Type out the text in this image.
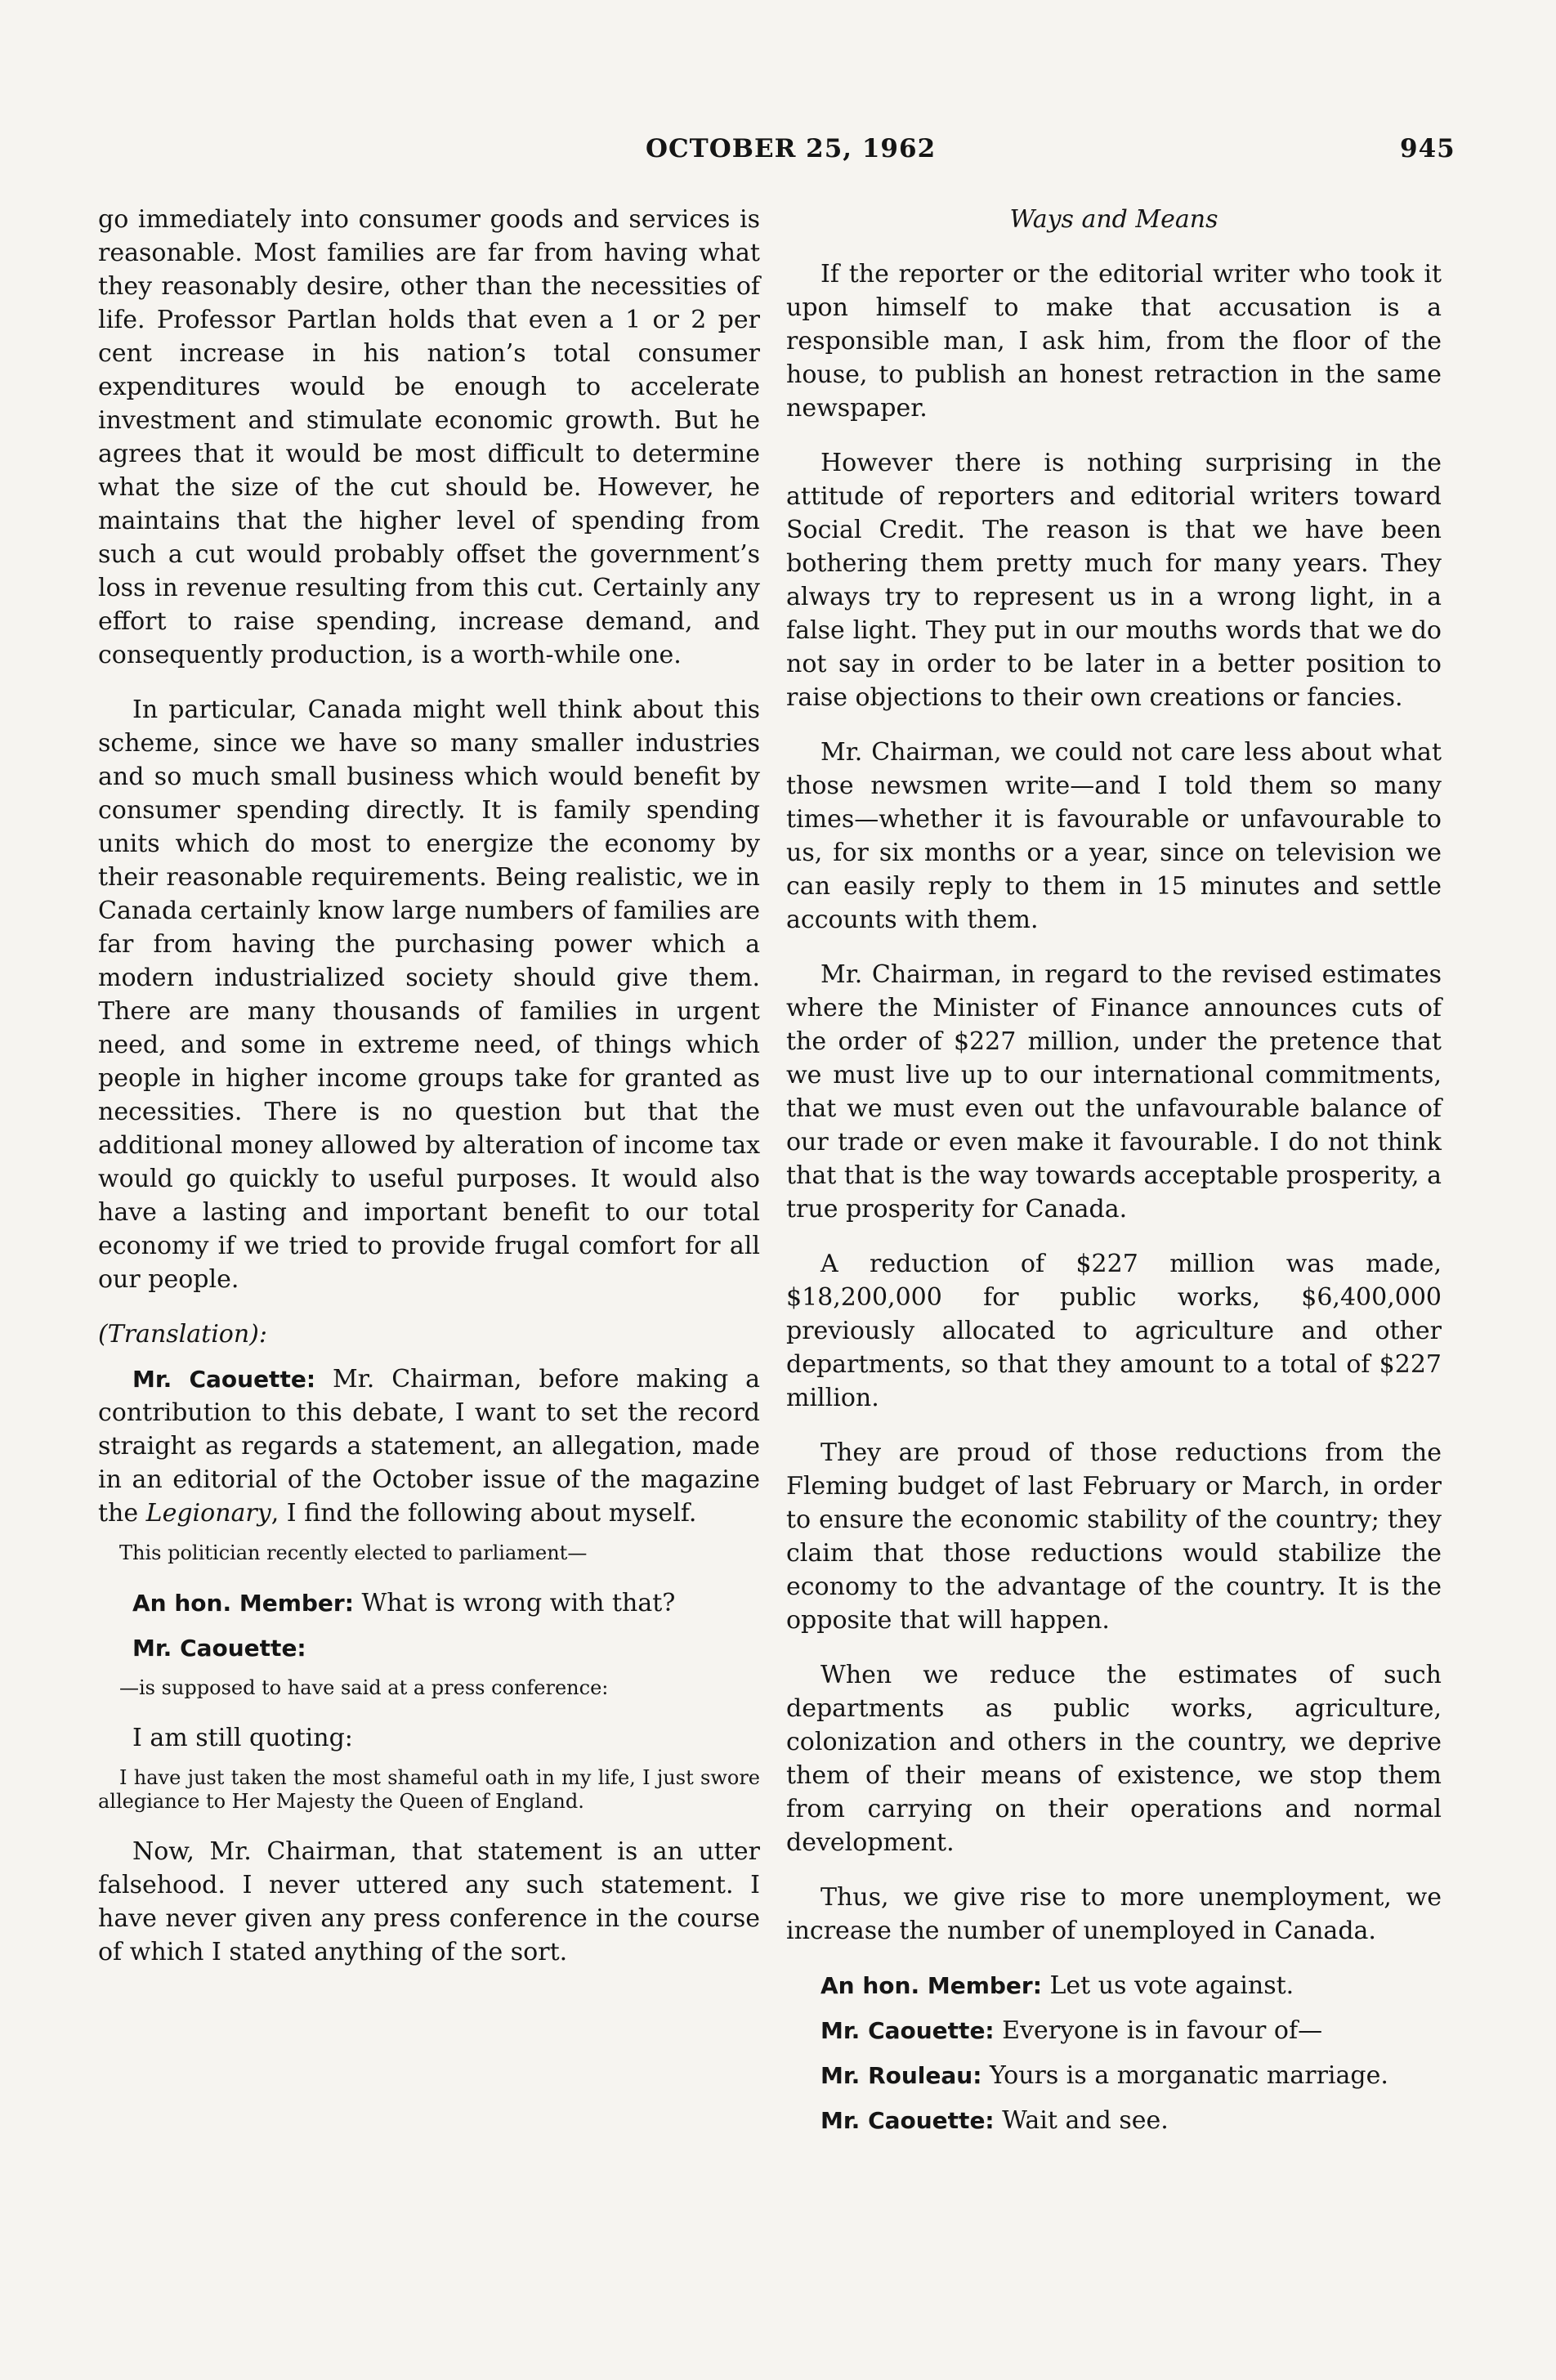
OCTOBER 25, 1962	945

go immediately into consumer goods and services is reasonable. Most families are far from having what they reasonably desire, other than the necessities of life. Professor Partlan holds that even a 1 or 2 per cent increase in his nation’s total consumer expenditures would be enough to accelerate investment and stimulate economic growth. But he agrees that it would be most difficult to determine what the size of the cut should be. However, he maintains that the higher level of spending from such a cut would probably offset the government’s loss in revenue resulting from this cut. Certainly any effort to raise spending, increase demand, and consequently production, is a worth-while one.

In particular, Canada might well think about this scheme, since we have so many smaller industries and so much small business which would benefit by consumer spending directly. It is family spending units which do most to energize the economy by their reasonable requirements. Being realistic, we in Canada certainly know large numbers of families are far from having the purchasing power which a modern industrialized society should give them. There are many thousands of families in urgent need, and some in extreme need, of things which people in higher income groups take for granted as necessities. There is no question but that the additional money allowed by alteration of income tax would go quickly to useful purposes. It would also have a lasting and important benefit to our total economy if we tried to provide frugal comfort for all our people.

(Translation):

Mr. Caouette: Mr. Chairman, before making a contribution to this debate, I want to set the record straight as regards a statement, an allegation, made in an editorial of the October issue of the magazine the Legionary, I find the following about myself.

This politician recently elected to parliament—

An hon. Member: What is wrong with that?

Mr. Caouette:

—is supposed to have said at a press conference:

I am still quoting:

I have just taken the most shameful oath in my life, I just swore allegiance to Her Majesty the Queen of England.

Now, Mr. Chairman, that statement is an utter falsehood. I never uttered any such statement. I have never given any press conference in the course of which I stated anything of the sort.

Ways and Means

If the reporter or the editorial writer who took it upon himself to make that accusation is a responsible man, I ask him, from the floor of the house, to publish an honest retraction in the same newspaper.

However there is nothing surprising in the attitude of reporters and editorial writers toward Social Credit. The reason is that we have been bothering them pretty much for many years. They always try to represent us in a wrong light, in a false light. They put in our mouths words that we do not say in order to be later in a better position to raise objections to their own creations or fancies.

Mr. Chairman, we could not care less about what those newsmen write—and I told them so many times—whether it is favourable or unfavourable to us, for six months or a year, since on television we can easily reply to them in 15 minutes and settle accounts with them.

Mr. Chairman, in regard to the revised estimates where the Minister of Finance announces cuts of the order of $227 million, under the pretence that we must live up to our international commitments, that we must even out the unfavourable balance of our trade or even make it favourable. I do not think that that is the way towards acceptable prosperity, a true prosperity for Canada.

A reduction of $227 million was made, $18,200,000 for public works, $6,400,000 previously allocated to agriculture and other departments, so that they amount to a total of $227 million.

They are proud of those reductions from the Fleming budget of last February or March, in order to ensure the economic stability of the country; they claim that those reductions would stabilize the economy to the advantage of the country. It is the opposite that will happen.

When we reduce the estimates of such departments as public works, agriculture, colonization and others in the country, we deprive them of their means of existence, we stop them from carrying on their operations and normal development.

Thus, we give rise to more unemployment, we increase the number of unemployed in Canada.

An hon. Member: Let us vote against.

Mr. Caouette: Everyone is in favour of—

Mr. Rouleau: Yours is a morganatic marriage.

Mr. Caouette: Wait and see.
